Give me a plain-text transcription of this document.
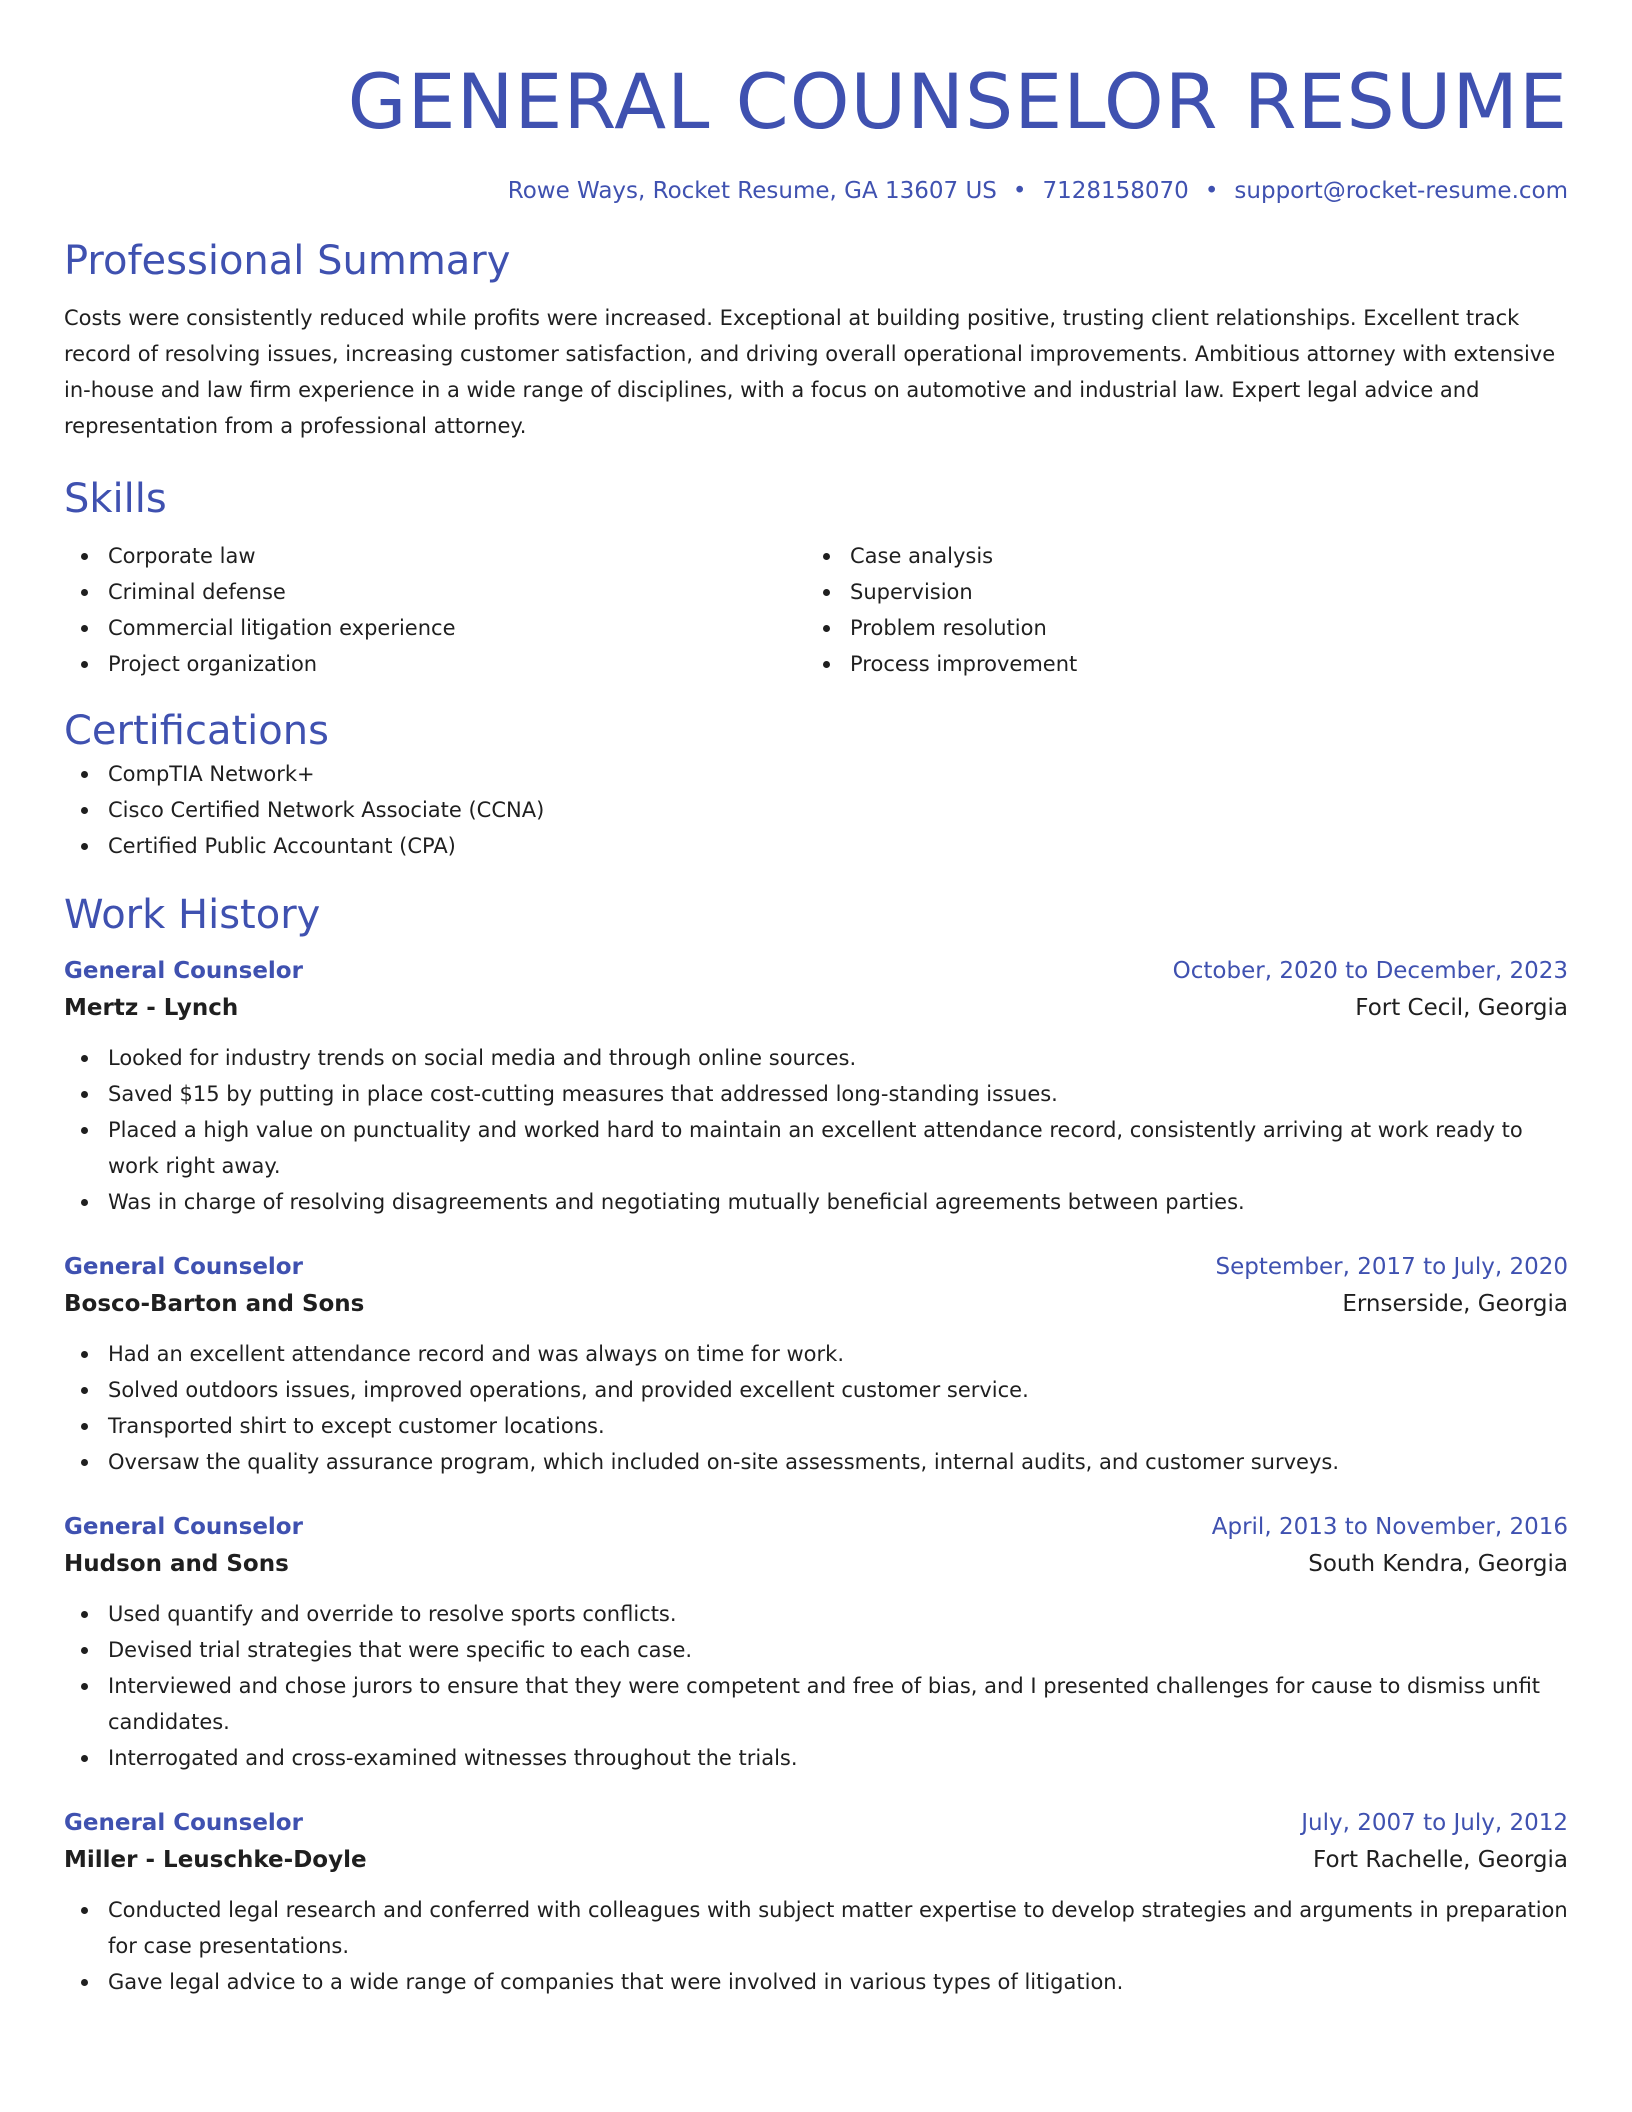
GENERAL COUNSELOR RESUME
Rowe Ways, Rocket Resume, GA 13607 US • 7128158070 • support@rocket-resume.com
Professional Summary
Costs were consistently reduced while profits were increased. Exceptional at building positive, trusting client relationships. Excellent track record of resolving issues, increasing customer satisfaction, and driving overall operational improvements. Ambitious attorney with extensive in-house and law firm experience in a wide range of disciplines, with a focus on automotive and industrial law. Expert legal advice and representation from a professional attorney.
Skills
Corporate law
Criminal defense
Commercial litigation experience
Project organization
Case analysis
Supervision
Problem resolution
Process improvement
Certifications
CompTIA Network+
Cisco Certified Network Associate (CCNA)
Certified Public Accountant (CPA)
Work History
General Counselor	October, 2020 to December, 2023
Mertz - Lynch	Fort Cecil, Georgia
Looked for industry trends on social media and through online sources.
Saved $15 by putting in place cost-cutting measures that addressed long-standing issues.
Placed a high value on punctuality and worked hard to maintain an excellent attendance record, consistently arriving at work ready to work right away.
Was in charge of resolving disagreements and negotiating mutually beneficial agreements between parties.
General Counselor	September, 2017 to July, 2020
Bosco-Barton and Sons	Ernserside, Georgia
Had an excellent attendance record and was always on time for work.
Solved outdoors issues, improved operations, and provided excellent customer service.
Transported shirt to except customer locations.
Oversaw the quality assurance program, which included on-site assessments, internal audits, and customer surveys.
General Counselor	April, 2013 to November, 2016
Hudson and Sons	South Kendra, Georgia
Used quantify and override to resolve sports conflicts.
Devised trial strategies that were specific to each case.
Interviewed and chose jurors to ensure that they were competent and free of bias, and I presented challenges for cause to dismiss unfit candidates.
Interrogated and cross-examined witnesses throughout the trials.
General Counselor	July, 2007 to July, 2012
Miller - Leuschke-Doyle	Fort Rachelle, Georgia
Conducted legal research and conferred with colleagues with subject matter expertise to develop strategies and arguments in preparation for case presentations.
Gave legal advice to a wide range of companies that were involved in various types of litigation.
